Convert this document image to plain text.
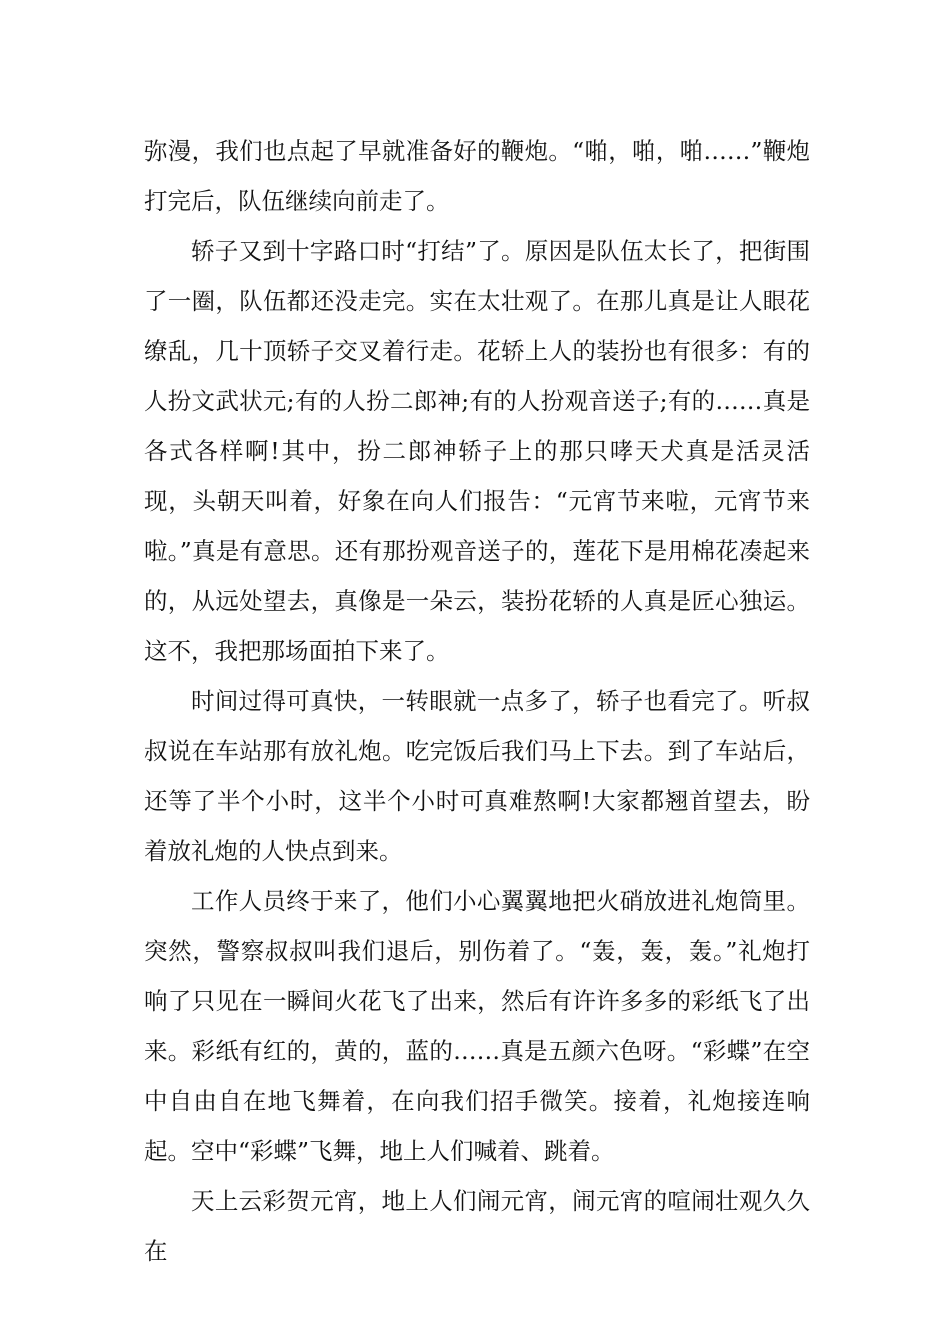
弥漫，我们也点起了早就准备好的鞭炮。“啪，啪，啪……”鞭炮打完后，队伍继续向前走了。

轿子又到十字路口时“打结”了。原因是队伍太长了，把街围了一圈，队伍都还没走完。实在太壮观了。在那儿真是让人眼花缭乱，几十顶轿子交叉着行走。花轿上人的装扮也有很多：有的人扮文武状元;有的人扮二郎神;有的人扮观音送子;有的……真是各式各样啊!其中，扮二郎神轿子上的那只哮天犬真是活灵活现，头朝天叫着，好象在向人们报告：“元宵节来啦，元宵节来啦。”真是有意思。还有那扮观音送子的，莲花下是用棉花凑起来的，从远处望去，真像是一朵云，装扮花轿的人真是匠心独运。这不，我把那场面拍下来了。

时间过得可真快，一转眼就一点多了，轿子也看完了。听叔叔说在车站那有放礼炮。吃完饭后我们马上下去。到了车站后，还等了半个小时，这半个小时可真难熬啊!大家都翘首望去，盼着放礼炮的人快点到来。

工作人员终于来了，他们小心翼翼地把火硝放进礼炮筒里。突然，警察叔叔叫我们退后，别伤着了。“轰，轰，轰。”礼炮打响了只见在一瞬间火花飞了出来，然后有许许多多的彩纸飞了出来。彩纸有红的，黄的，蓝的……真是五颜六色呀。“彩蝶”在空中自由自在地飞舞着，在向我们招手微笑。接着，礼炮接连响起。空中“彩蝶”飞舞，地上人们喊着、跳着。

天上云彩贺元宵，地上人们闹元宵，闹元宵的喧闹壮观久久在
